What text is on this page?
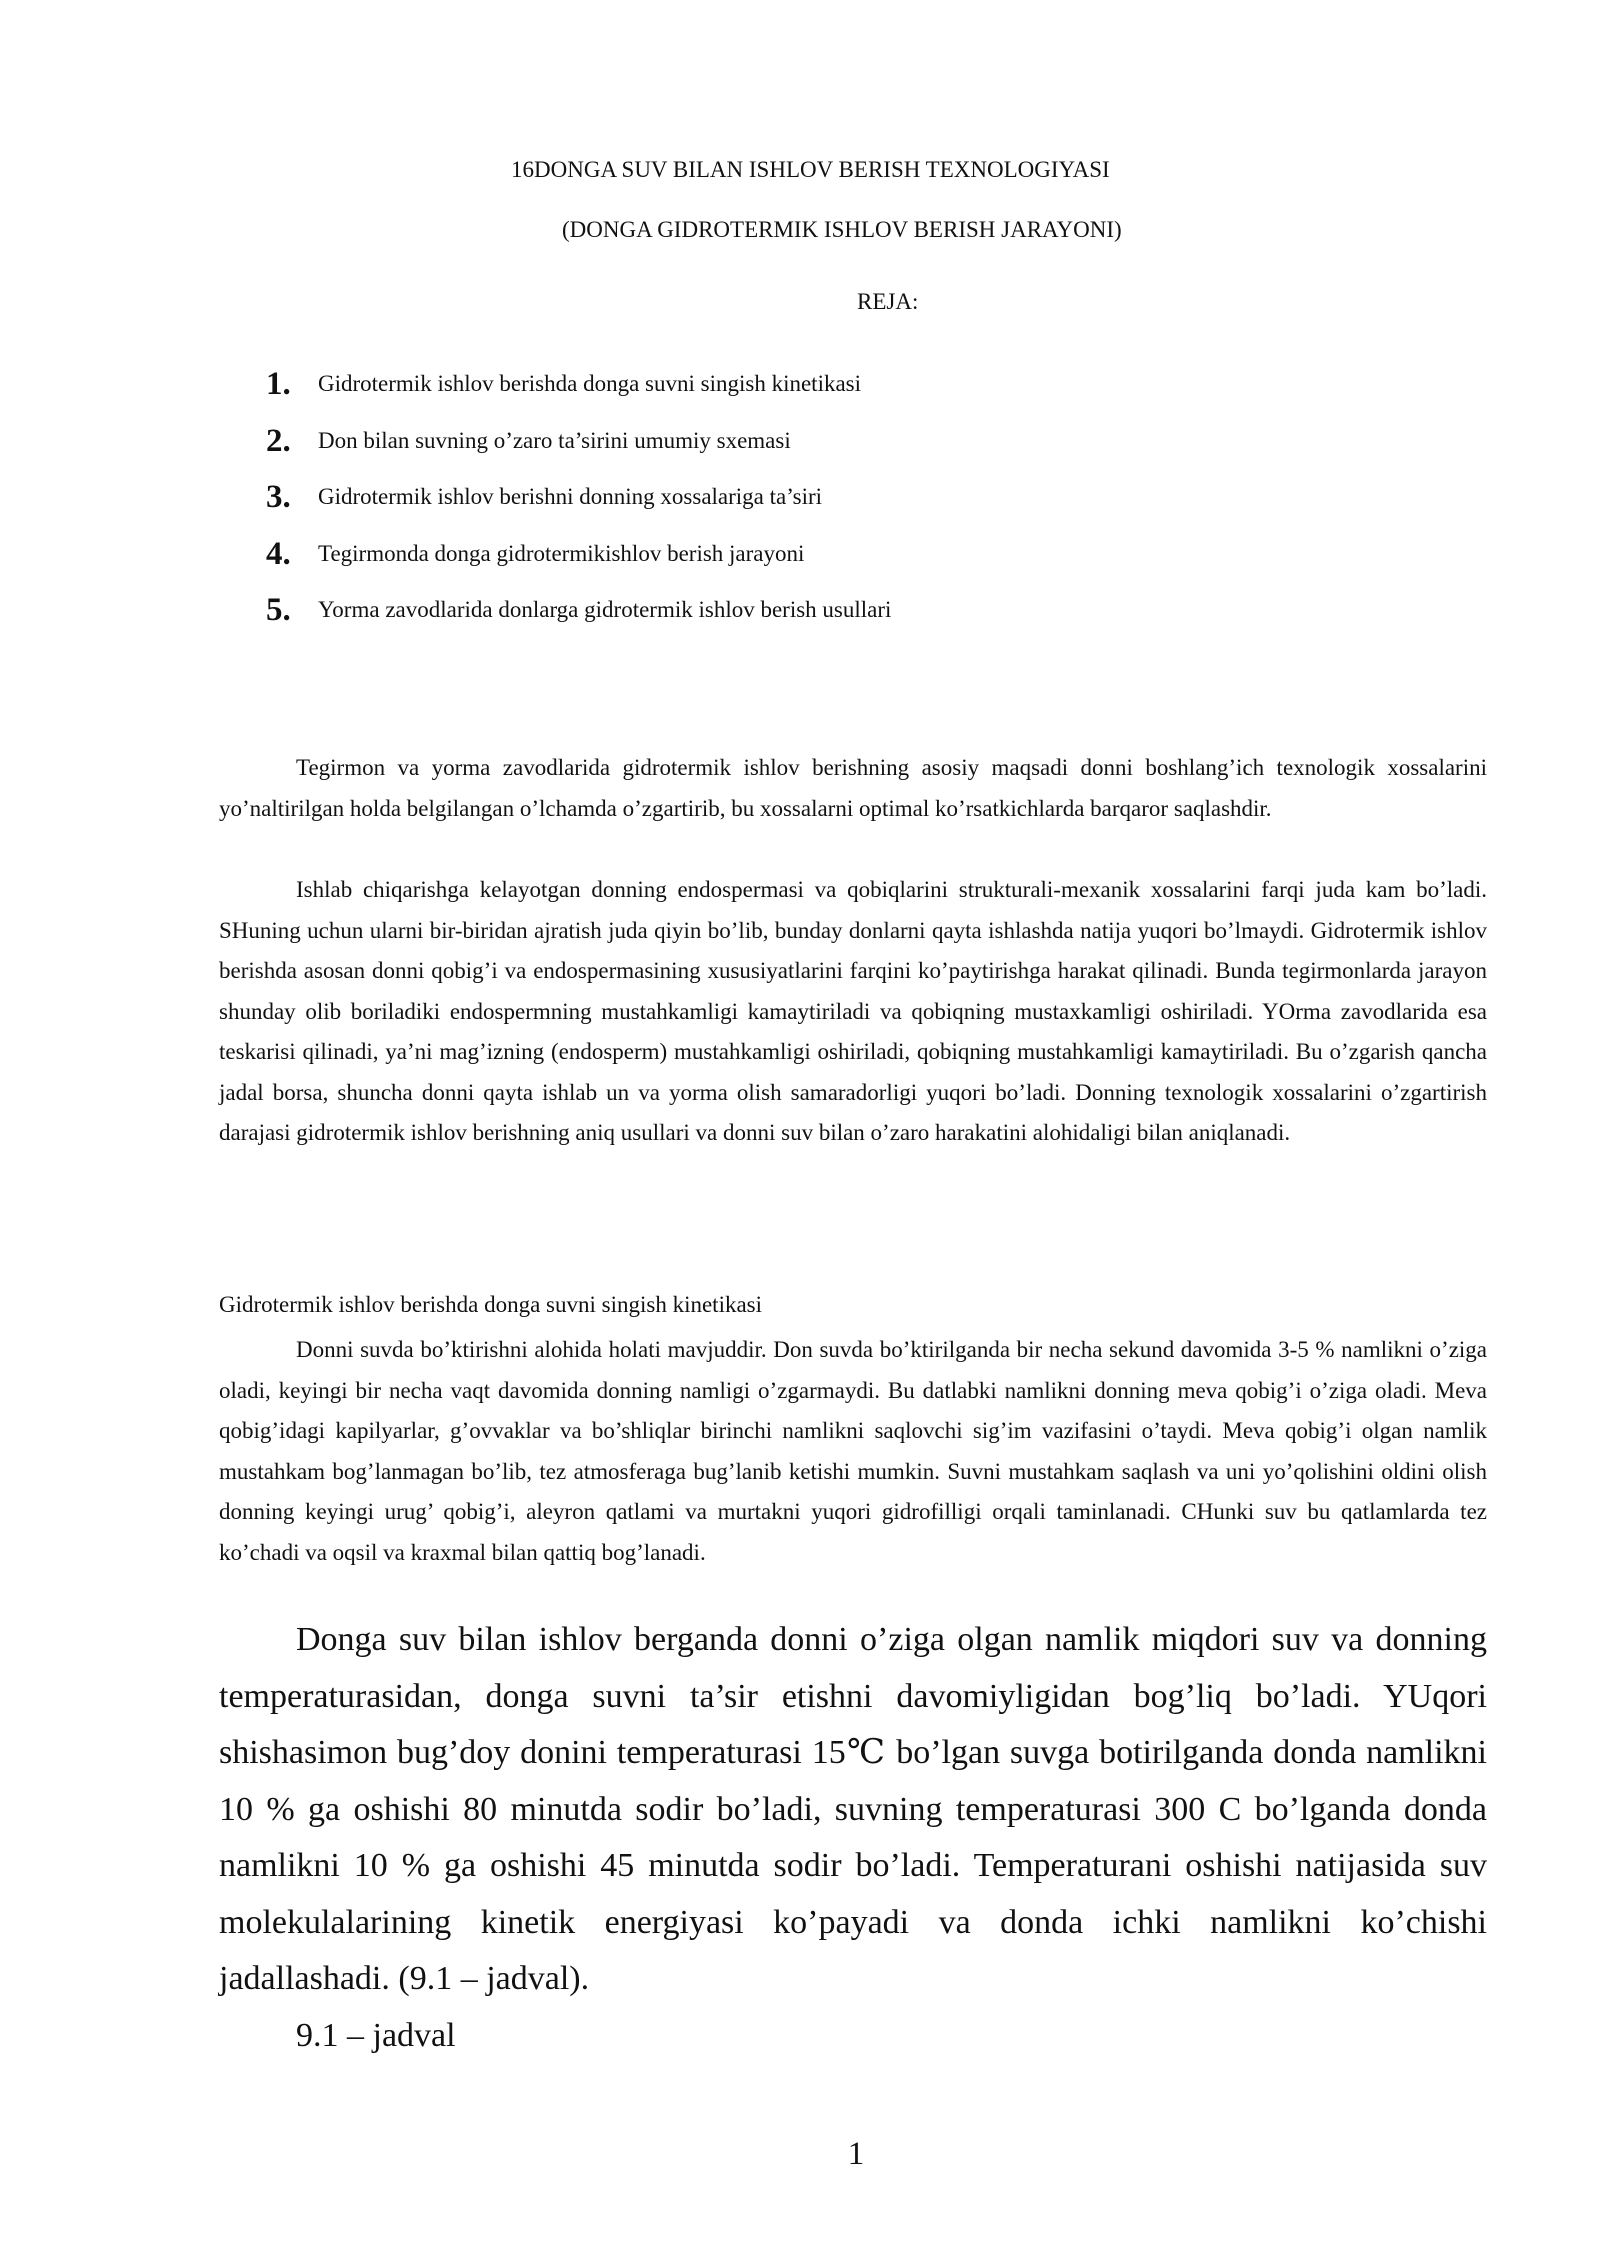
16DONGA SUV BILAN ISHLOV BERISH TEXNOLOGIYASI
(DONGA GIDROTERMIK ISHLOV BERISH JARAYONI)
REJA:
1.	Gidrotermik ishlov berishda donga suvni singish kinetikasi
2.	Don bilan suvning o’zaro ta’sirini umumiy sxemasi
3.	Gidrotermik ishlov berishni donning xossalariga ta’siri
4.	Tegirmonda donga gidrotermikishlov berish jarayoni
5.	Yorma zavodlarida donlarga gidrotermik ishlov berish usullari

Tegirmon va yorma zavodlarida gidrotermik ishlov berishning asosiy maqsadi donni boshlang’ich texnologik xossalarini yo’naltirilgan holda belgilangan o’lchamda o’zgartirib, bu xossalarni optimal ko’rsatkichlarda barqaror saqlashdir.

Ishlab chiqarishga kelayotgan donning endospermasi va qobiqlarini strukturali-mexanik xossalarini farqi juda kam bo’ladi. SHuning uchun ularni bir-biridan ajratish juda qiyin bo’lib, bunday donlarni qayta ishlashda natija yuqori bo’lmaydi. Gidrotermik ishlov berishda asosan donni qobig’i va endospermasining xususiyatlarini farqini ko’paytirishga harakat qilinadi. Bunda tegirmonlarda jarayon shunday olib boriladiki endospermning mustahkamligi kamaytiriladi va qobiqning mustaxkamligi oshiriladi. YOrma zavodlarida esa teskarisi qilinadi, ya’ni mag’izning (endosperm) mustahkamligi oshiriladi, qobiqning mustahkamligi kamaytiriladi. Bu o’zgarish qancha jadal borsa, shuncha donni qayta ishlab un va yorma olish samaradorligi yuqori bo’ladi. Donning texnologik xossalarini o’zgartirish darajasi gidrotermik ishlov berishning aniq usullari va donni suv bilan o’zaro harakatini alohidaligi bilan aniqlanadi.

Gidrotermik ishlov berishda donga suvni singish kinetikasi

Donni suvda bo’ktirishni alohida holati mavjuddir. Don suvda bo’ktirilganda bir necha sekund davomida 3-5 % namlikni o’ziga oladi, keyingi bir necha vaqt davomida donning namligi o’zgarmaydi. Bu datlabki namlikni donning meva qobig’i o’ziga oladi. Meva qobig’idagi kapilyarlar, g’ovvaklar va bo’shliqlar birinchi namlikni saqlovchi sig’im vazifasini o’taydi. Meva qobig’i olgan namlik mustahkam bog’lanmagan bo’lib, tez atmosferaga bug’lanib ketishi mumkin. Suvni mustahkam saqlash va uni yo’qolishini oldini olish donning keyingi urug’ qobig’i, aleyron qatlami va murtakni yuqori gidrofilligi orqali taminlanadi. CHunki suv bu qatlamlarda tez ko’chadi va oqsil va kraxmal bilan qattiq bog’lanadi.

Donga suv bilan ishlov berganda donni o’ziga olgan namlik miqdori suv va donning temperaturasidan, donga suvni ta’sir etishni davomiyligidan bog’liq bo’ladi. YUqori shishasimon bug’doy donini temperaturasi 15℃ bo’lgan suvga botirilganda donda namlikni 10 % ga oshishi 80 minutda sodir bo’ladi, suvning temperaturasi 300 C bo’lganda donda namlikni 10 % ga oshishi 45 minutda sodir bo’ladi. Temperaturani oshishi natijasida suv molekulalarining kinetik energiyasi ko’payadi va donda ichki namlikni ko’chishi jadallashadi. (9.1 – jadval).

9.1 – jadval
1
